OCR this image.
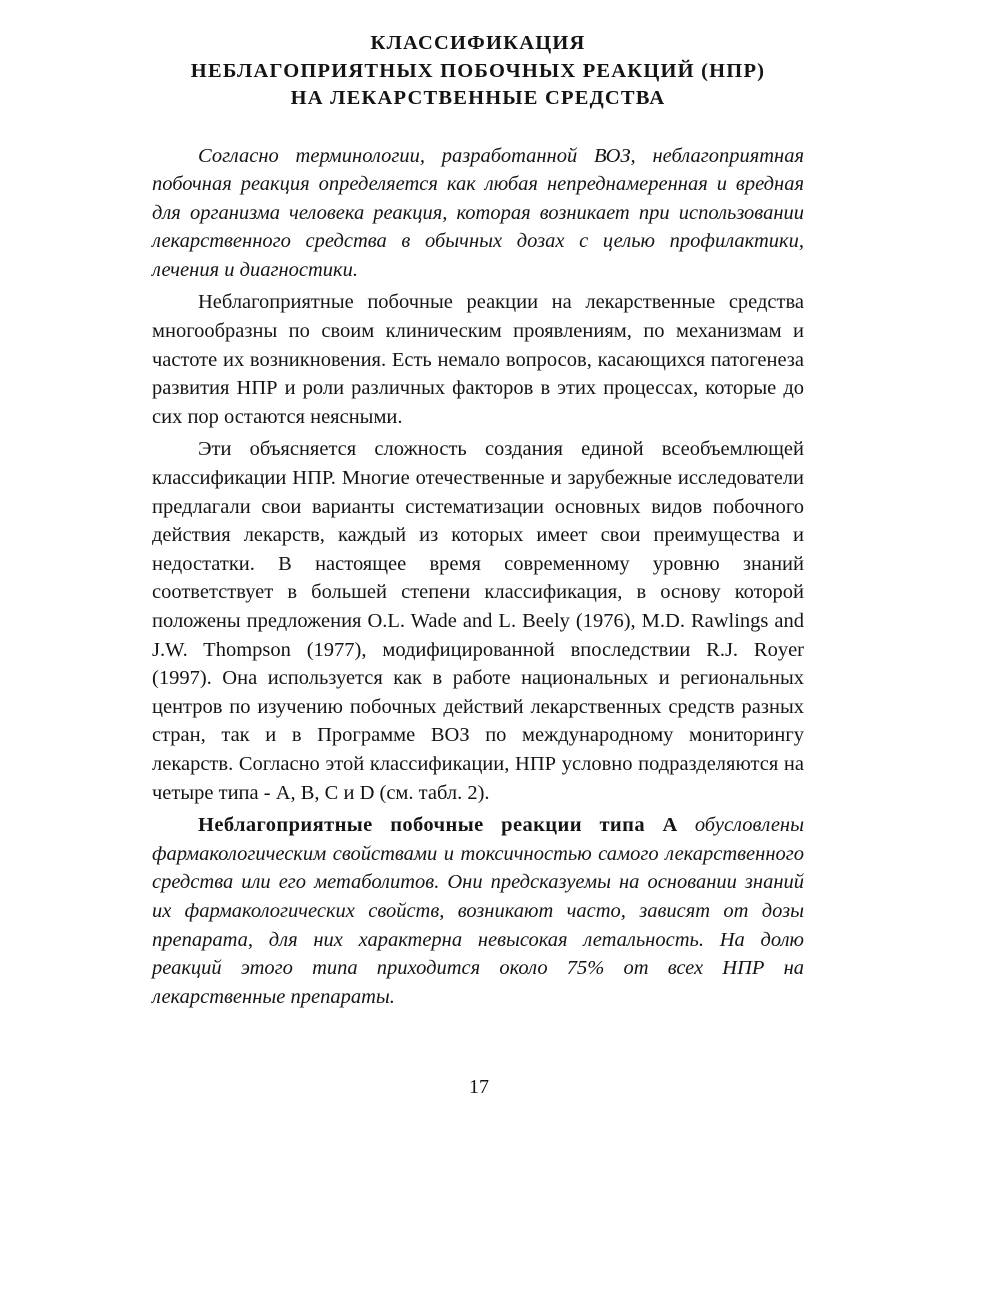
КЛАССИФИКАЦИЯ
НЕБЛАГОПРИЯТНЫХ ПОБОЧНЫХ РЕАКЦИЙ (НПР)
НА ЛЕКАРСТВЕННЫЕ СРЕДСТВА

Согласно терминологии, разработанной ВОЗ, неблагоприятная побочная реакция определяется как любая непреднамеренная и вредная для организма человека реакция, которая возникает при использовании лекарственного средства в обычных дозах с целью профилактики, лечения и диагностики.

Неблагоприятные побочные реакции на лекарственные средства многообразны по своим клиническим проявлениям, по механизмам и частоте их возникновения. Есть немало вопросов, касающихся патогенеза развития НПР и роли различных факторов в этих процессах, которые до сих пор остаются неясными.

Эти объясняется сложность создания единой всеобъемлющей классификации НПР. Многие отечественные и зарубежные исследователи предлагали свои варианты систематизации основных видов побочного действия лекарств, каждый из которых имеет свои преимущества и недостатки. В настоящее время современному уровню знаний соответствует в большей степени классификация, в основу которой положены предложения O.L. Wade and L. Beely (1976), M.D. Rawlings and J.W. Thompson (1977), модифицированной впоследствии R.J. Royer (1997). Она используется как в работе национальных и региональных центров по изучению побочных действий лекарственных средств разных стран, так и в Программе ВОЗ по международному мониторингу лекарств. Согласно этой классификации, НПР условно подразделяются на четыре типа - А, В, С и D (см. табл. 2).

Неблагоприятные побочные реакции типа А обусловлены фармакологическим свойствами и токсичностью самого лекарственного средства или его метаболитов. Они предсказуемы на основании знаний их фармакологических свойств, возникают часто, зависят от дозы препарата, для них характерна невысокая летальность. На долю реакций этого типа приходится около 75% от всех НПР на лекарственные препараты.

17
